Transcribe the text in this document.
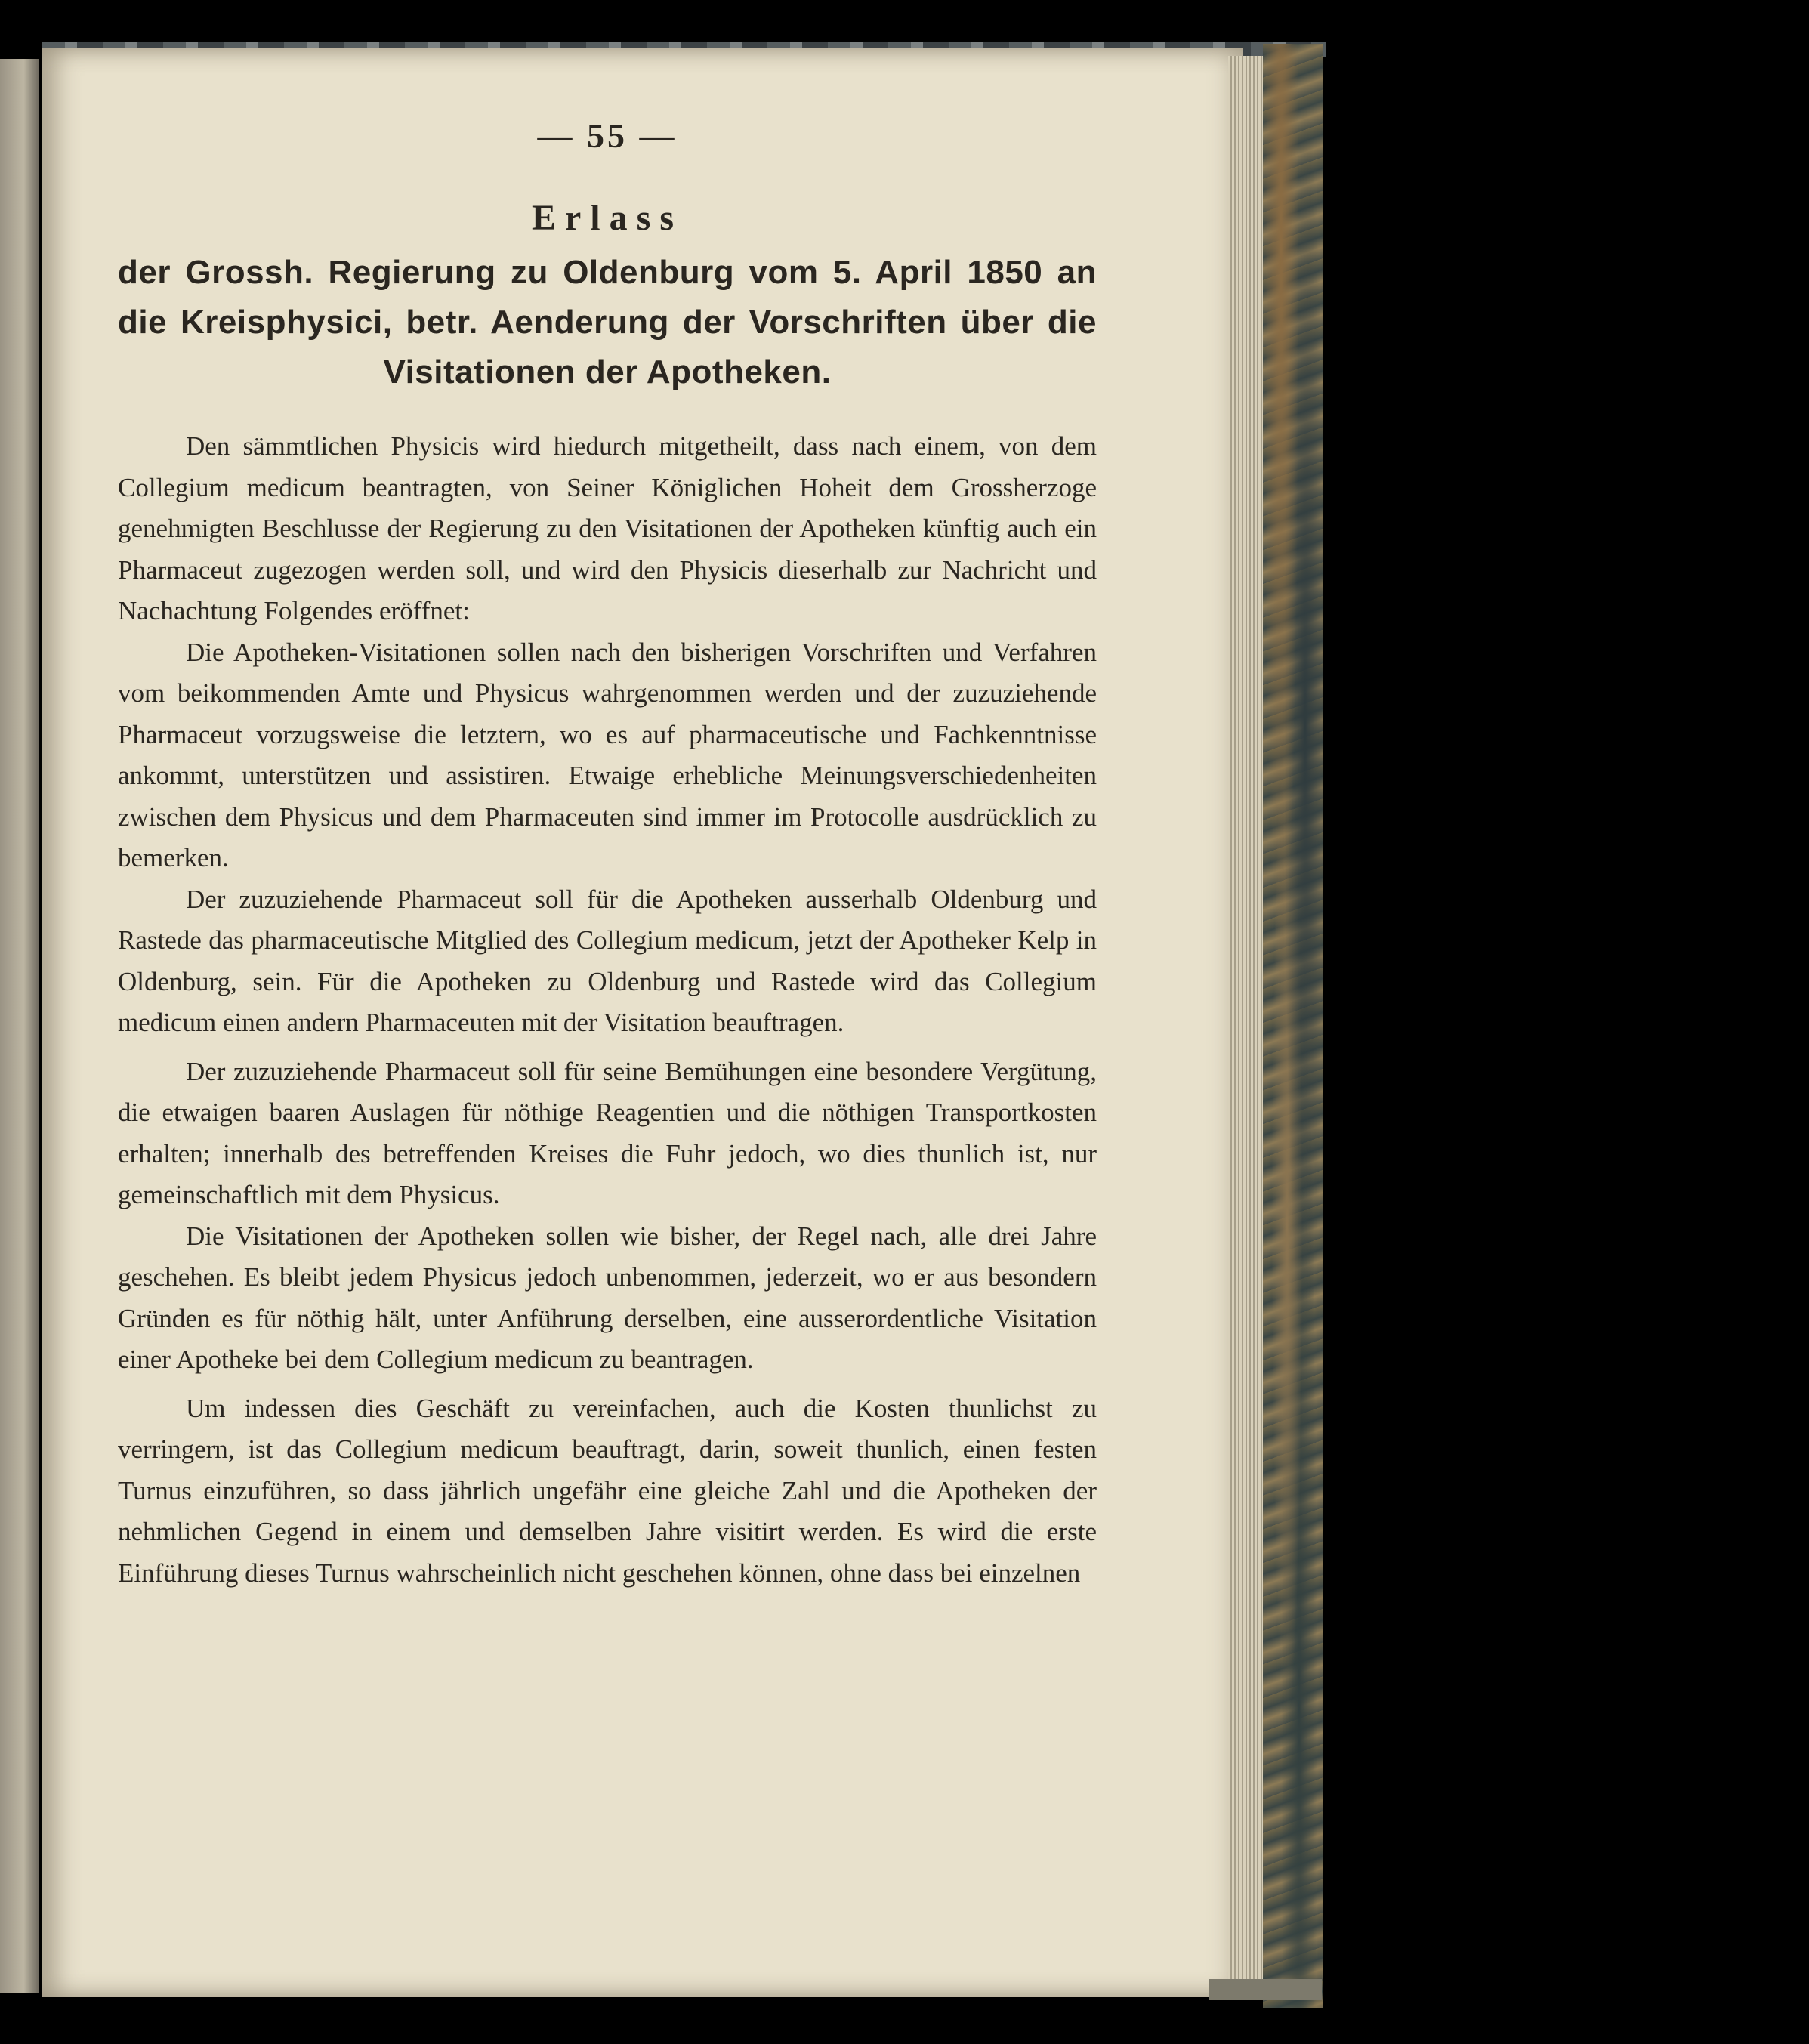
— 55 —
Erlass
der Grossh. Regierung zu Oldenburg vom 5. April 1850 an die Kreisphysici, betr. Aenderung der Vorschriften über die Visitationen der Apotheken.

Den sämmtlichen Physicis wird hiedurch mitgetheilt, dass nach einem, von dem Collegium medicum beantragten, von Seiner Königlichen Hoheit dem Grossherzoge genehmigten Beschlusse der Regierung zu den Visitationen der Apotheken künftig auch ein Pharmaceut zugezogen werden soll, und wird den Physicis dieserhalb zur Nachricht und Nachachtung Folgendes eröffnet:

Die Apotheken-Visitationen sollen nach den bisherigen Vorschriften und Verfahren vom beikommenden Amte und Physicus wahrgenommen werden und der zuzuziehende Pharmaceut vorzugsweise die letztern, wo es auf pharmaceutische und Fachkenntnisse ankommt, unterstützen und assistiren. Etwaige erhebliche Meinungsverschiedenheiten zwischen dem Physicus und dem Pharmaceuten sind immer im Protocolle ausdrücklich zu bemerken.

Der zuzuziehende Pharmaceut soll für die Apotheken ausserhalb Oldenburg und Rastede das pharmaceutische Mitglied des Collegium medicum, jetzt der Apotheker Kelp in Oldenburg, sein. Für die Apotheken zu Oldenburg und Rastede wird das Collegium medicum einen andern Pharmaceuten mit der Visitation beauftragen.

Der zuzuziehende Pharmaceut soll für seine Bemühungen eine besondere Vergütung, die etwaigen baaren Auslagen für nöthige Reagentien und die nöthigen Transportkosten erhalten; innerhalb des betreffenden Kreises die Fuhr jedoch, wo dies thunlich ist, nur gemeinschaftlich mit dem Physicus.

Die Visitationen der Apotheken sollen wie bisher, der Regel nach, alle drei Jahre geschehen. Es bleibt jedem Physicus jedoch unbenommen, jederzeit, wo er aus besondern Gründen es für nöthig hält, unter Anführung derselben, eine ausserordentliche Visitation einer Apotheke bei dem Collegium medicum zu beantragen.

Um indessen dies Geschäft zu vereinfachen, auch die Kosten thunlichst zu verringern, ist das Collegium medicum beauftragt, darin, soweit thunlich, einen festen Turnus einzuführen, so dass jährlich ungefähr eine gleiche Zahl und die Apotheken der nehmlichen Gegend in einem und demselben Jahre visitirt werden. Es wird die erste Einführung dieses Turnus wahrscheinlich nicht geschehen können, ohne dass bei einzelnen
